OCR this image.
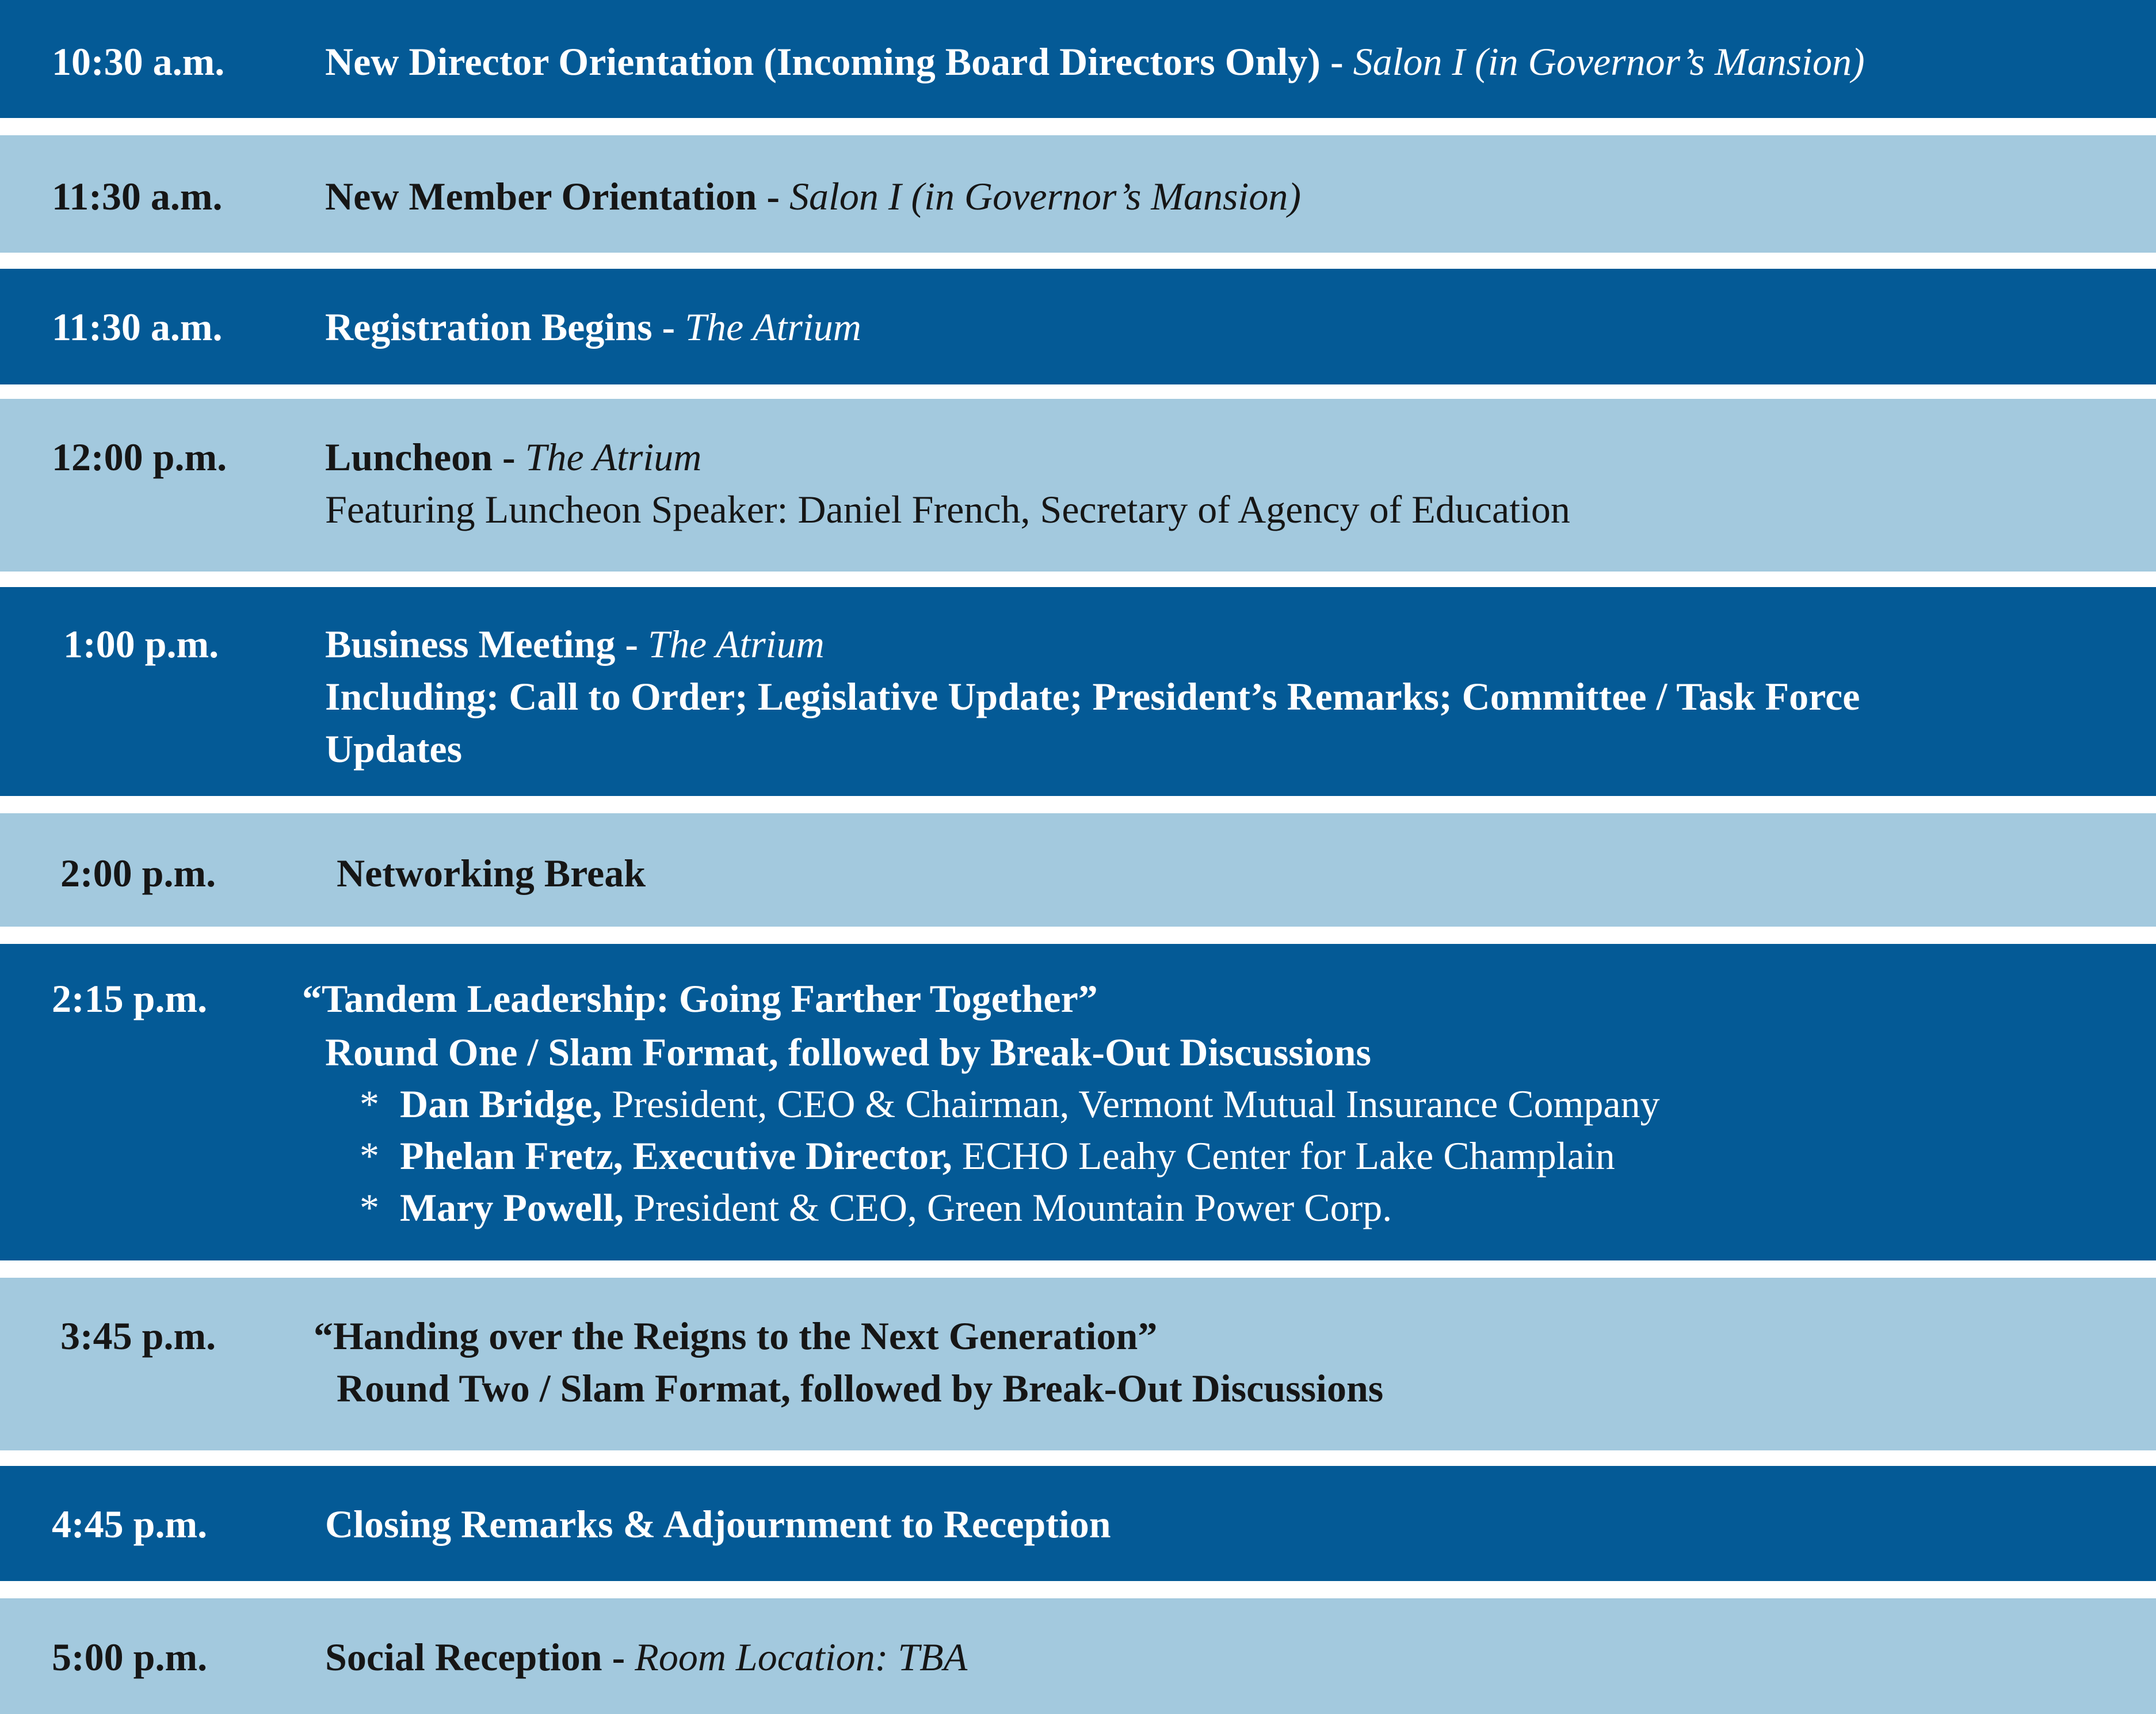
10:30 a.m.	New Director Orientation (Incoming Board Directors Only) - Salon I (in Governor’s Mansion)
11:30 a.m.	New Member Orientation - Salon I (in Governor’s Mansion)
11:30 a.m.	Registration Begins - The Atrium
12:00 p.m.	Luncheon - The Atrium
Featuring Luncheon Speaker: Daniel French, Secretary of Agency of Education
1:00 p.m.	Business Meeting - The Atrium
Including: Call to Order; Legislative Update; President’s Remarks; Committee / Task Force
Updates
2:00 p.m.	Networking Break
2:15 p.m. “Tandem Leadership: Going Farther Together”
Round One / Slam Format, followed by Break-Out Discussions
* Dan Bridge, President, CEO & Chairman, Vermont Mutual Insurance Company
* Phelan Fretz, Executive Director, ECHO Leahy Center for Lake Champlain
* Mary Powell, President & CEO, Green Mountain Power Corp.
3:45 p.m. “Handing over the Reigns to the Next Generation”
Round Two / Slam Format, followed by Break-Out Discussions
4:45 p.m.	Closing Remarks & Adjournment to Reception
5:00 p.m.	Social Reception - Room Location: TBA
